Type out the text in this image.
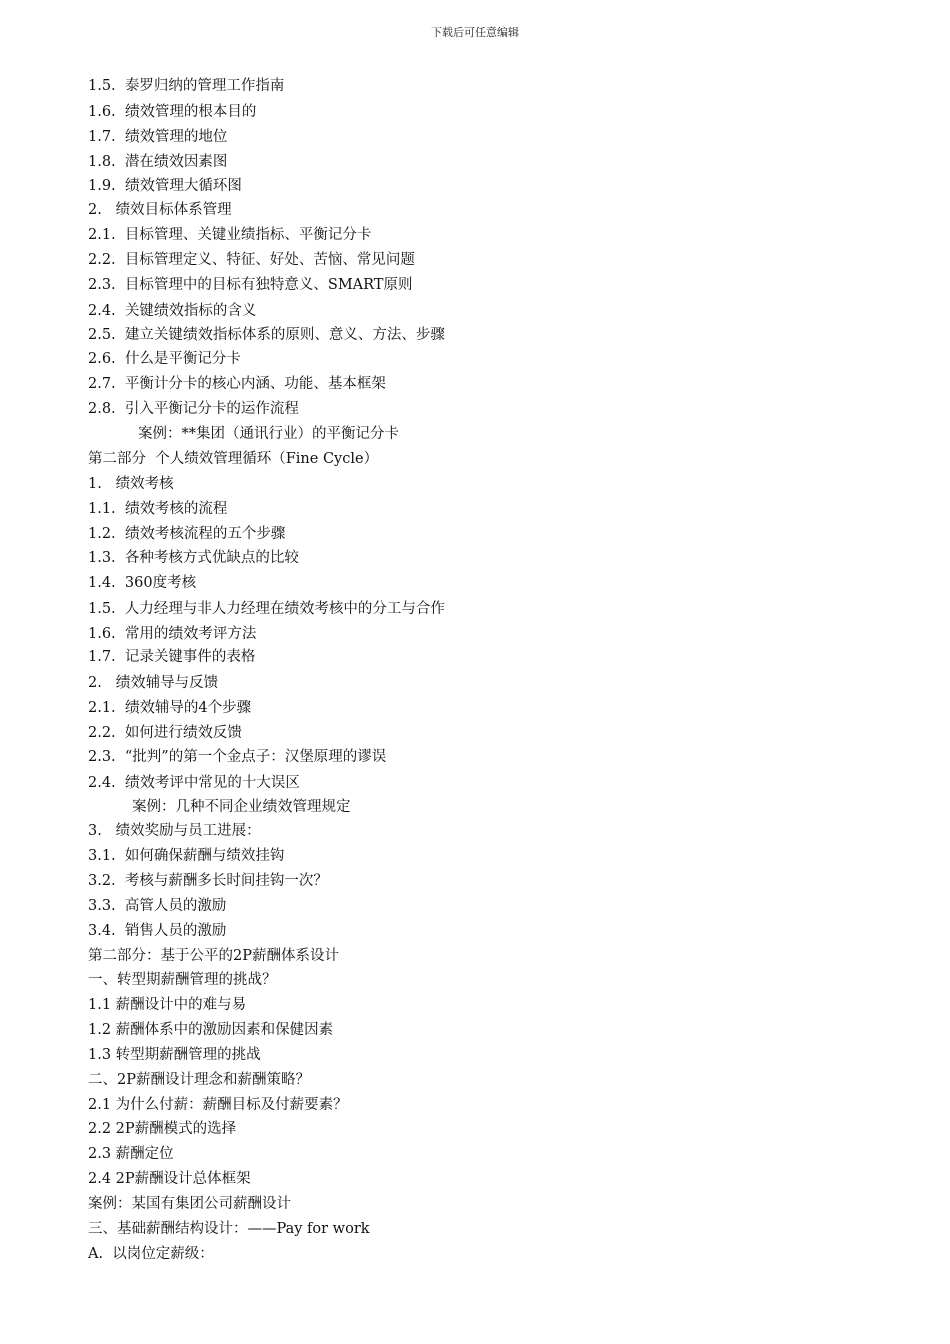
下载后可任意编辑
1.5.  泰罗归纳的管理工作指南
1.6.  绩效管理的根本目的
1.7.  绩效管理的地位
1.8.  潜在绩效因素图
1.9.  绩效管理大循环图
2.   绩效目标体系管理
2.1.  目标管理、关键业绩指标、平衡记分卡
2.2.  目标管理定义、特征、好处、苦恼、常见问题
2.3.  目标管理中的目标有独特意义、SMART原则
2.4.  关键绩效指标的含义
2.5.  建立关键绩效指标体系的原则、意义、方法、步骤
2.6.  什么是平衡记分卡
2.7.  平衡计分卡的核心内涵、功能、基本框架
2.8.  引入平衡记分卡的运作流程
案例：**集团（通讯行业）的平衡记分卡
第二部分  个人绩效管理循环（Fine Cycle）
1.   绩效考核
1.1.  绩效考核的流程
1.2.  绩效考核流程的五个步骤
1.3.  各种考核方式优缺点的比较
1.4.  360度考核
1.5.  人力经理与非人力经理在绩效考核中的分工与合作
1.6.  常用的绩效考评方法
1.7.  记录关键事件的表格
2.   绩效辅导与反馈
2.1.  绩效辅导的4个步骤
2.2.  如何进行绩效反馈
2.3.  “批判”的第一个金点子：汉堡原理的谬误
2.4.  绩效考评中常见的十大误区
案例：几种不同企业绩效管理规定
3.   绩效奖励与员工进展：
3.1.  如何确保薪酬与绩效挂钩
3.2.  考核与薪酬多长时间挂钩一次？
3.3.  高管人员的激励
3.4.  销售人员的激励
第二部分：基于公平的2P薪酬体系设计
一、转型期薪酬管理的挑战？
1.1 薪酬设计中的难与易
1.2 薪酬体系中的激励因素和保健因素
1.3 转型期薪酬管理的挑战
二、2P薪酬设计理念和薪酬策略？
2.1 为什么付薪：薪酬目标及付薪要素？
2.2 2P薪酬模式的选择
2.3 薪酬定位
2.4 2P薪酬设计总体框架
案例：某国有集团公司薪酬设计
三、基础薪酬结构设计：——Pay for work
A.  以岗位定薪级：
